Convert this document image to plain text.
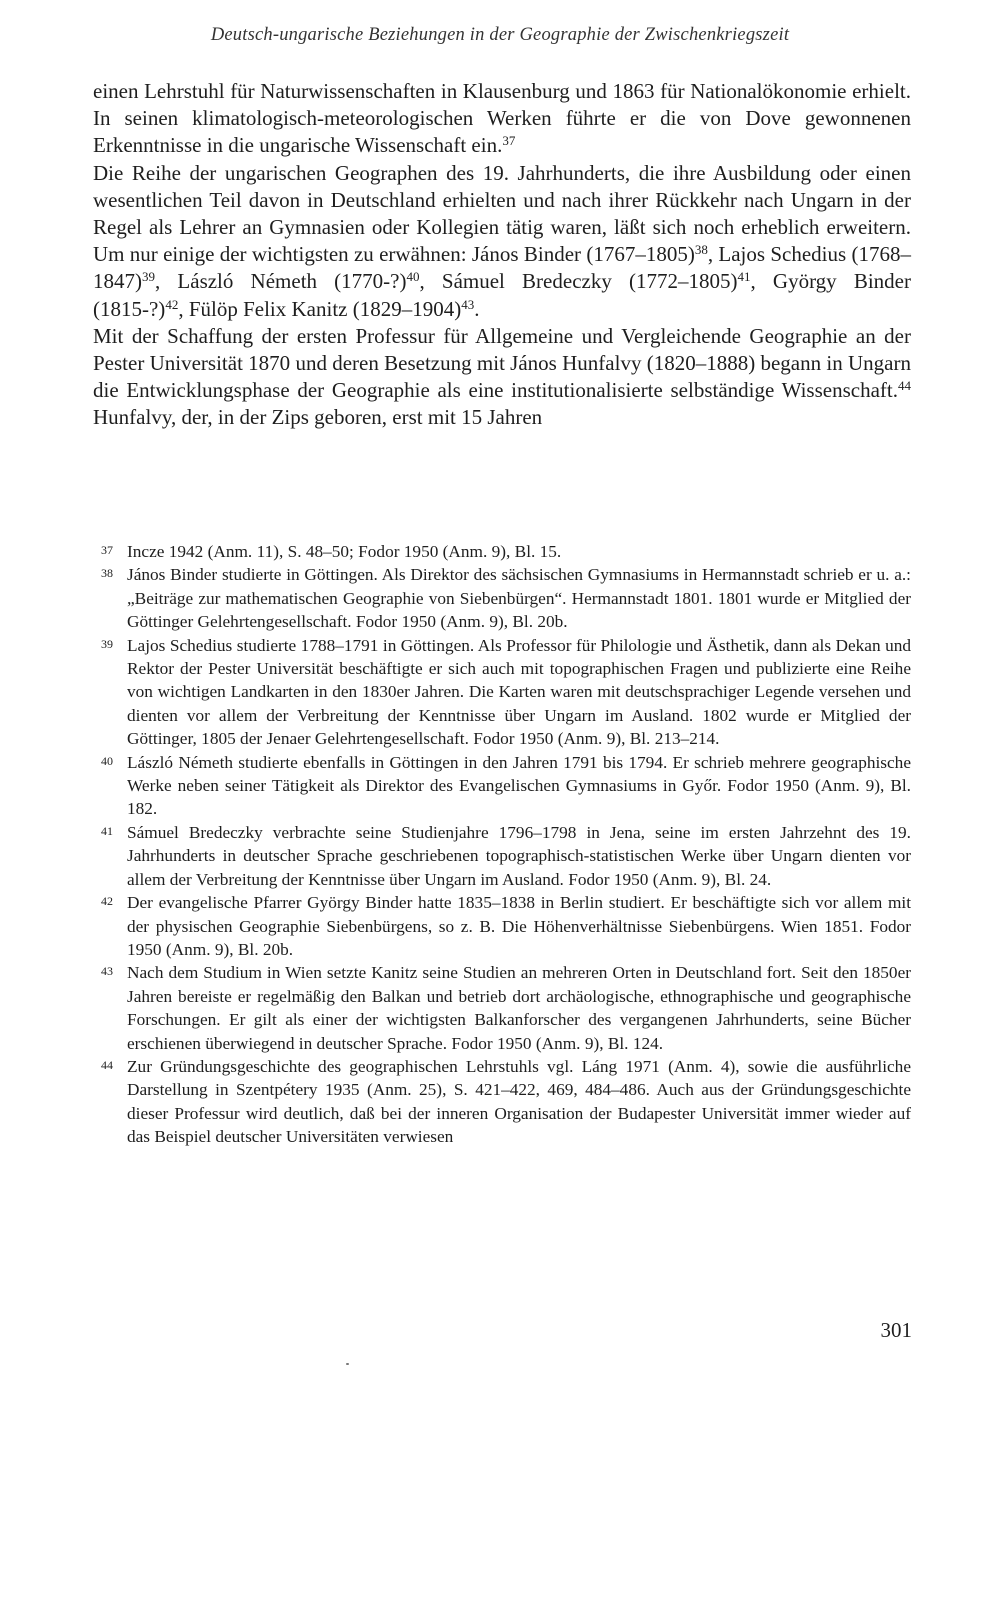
Deutsch-ungarische Beziehungen in der Geographie der Zwischenkriegszeit

einen Lehrstuhl für Naturwissenschaften in Klausenburg und 1863 für Nationalökonomie erhielt. In seinen klimatologisch-meteorologischen Werken führte er die von Dove gewonnenen Erkenntnisse in die ungarische Wissenschaft ein.$^{37}$

Die Reihe der ungarischen Geographen des 19. Jahrhunderts, die ihre Ausbildung oder einen wesentlichen Teil davon in Deutschland erhielten und nach ihrer Rückkehr nach Ungarn in der Regel als Lehrer an Gymnasien oder Kollegien tätig waren, läßt sich noch erheblich erweitern. Um nur einige der wichtigsten zu erwähnen: János Binder (1767–1805)$^{38}$, Lajos Schedius (1768–1847)$^{39}$, László Németh (1770-?)$^{40}$, Sámuel Bredeczky (1772–1805)$^{41}$, György Binder (1815-?)$^{42}$, Fülöp Felix Kanitz (1829–1904)$^{43}$.

Mit der Schaffung der ersten Professur für Allgemeine und Vergleichende Geographie an der Pester Universität 1870 und deren Besetzung mit János Hunfalvy (1820–1888) begann in Ungarn die Entwicklungsphase der Geographie als eine institutionalisierte selbständige Wissenschaft.$^{44}$ Hunfalvy, der, in der Zips geboren, erst mit 15 Jahren

37 Incze 1942 (Anm. 11), S. 48–50; Fodor 1950 (Anm. 9), Bl. 15.
38 János Binder studierte in Göttingen. Als Direktor des sächsischen Gymnasiums in Hermannstadt schrieb er u. a.: „Beiträge zur mathematischen Geographie von Siebenbürgen“. Hermannstadt 1801. 1801 wurde er Mitglied der Göttinger Gelehrtengesellschaft. Fodor 1950 (Anm. 9), Bl. 20b.
39 Lajos Schedius studierte 1788–1791 in Göttingen. Als Professor für Philologie und Ästhetik, dann als Dekan und Rektor der Pester Universität beschäftigte er sich auch mit topographischen Fragen und publizierte eine Reihe von wichtigen Landkarten in den 1830er Jahren. Die Karten waren mit deutschsprachiger Legende versehen und dienten vor allem der Verbreitung der Kenntnisse über Ungarn im Ausland. 1802 wurde er Mitglied der Göttinger, 1805 der Jenaer Gelehrtengesellschaft. Fodor 1950 (Anm. 9), Bl. 213–214.
40 László Németh studierte ebenfalls in Göttingen in den Jahren 1791 bis 1794. Er schrieb mehrere geographische Werke neben seiner Tätigkeit als Direktor des Evangelischen Gymnasiums in Győr. Fodor 1950 (Anm. 9), Bl. 182.
41 Sámuel Bredeczky verbrachte seine Studienjahre 1796–1798 in Jena, seine im ersten Jahrzehnt des 19. Jahrhunderts in deutscher Sprache geschriebenen topographisch-statistischen Werke über Ungarn dienten vor allem der Verbreitung der Kenntnisse über Ungarn im Ausland. Fodor 1950 (Anm. 9), Bl. 24.
42 Der evangelische Pfarrer György Binder hatte 1835–1838 in Berlin studiert. Er beschäftigte sich vor allem mit der physischen Geographie Siebenbürgens, so z. B. Die Höhenverhältnisse Siebenbürgens. Wien 1851. Fodor 1950 (Anm. 9), Bl. 20b.
43 Nach dem Studium in Wien setzte Kanitz seine Studien an mehreren Orten in Deutschland fort. Seit den 1850er Jahren bereiste er regelmäßig den Balkan und betrieb dort archäologische, ethnographische und geographische Forschungen. Er gilt als einer der wichtigsten Balkanforscher des vergangenen Jahrhunderts, seine Bücher erschienen überwiegend in deutscher Sprache. Fodor 1950 (Anm. 9), Bl. 124.
44 Zur Gründungsgeschichte des geographischen Lehrstuhls vgl. Láng 1971 (Anm. 4), sowie die ausführliche Darstellung in Szentpétery 1935 (Anm. 25), S. 421–422, 469, 484–486. Auch aus der Gründungsgeschichte dieser Professur wird deutlich, daß bei der inneren Organisation der Budapester Universität immer wieder auf das Beispiel deutscher Universitäten verwiesen
301
